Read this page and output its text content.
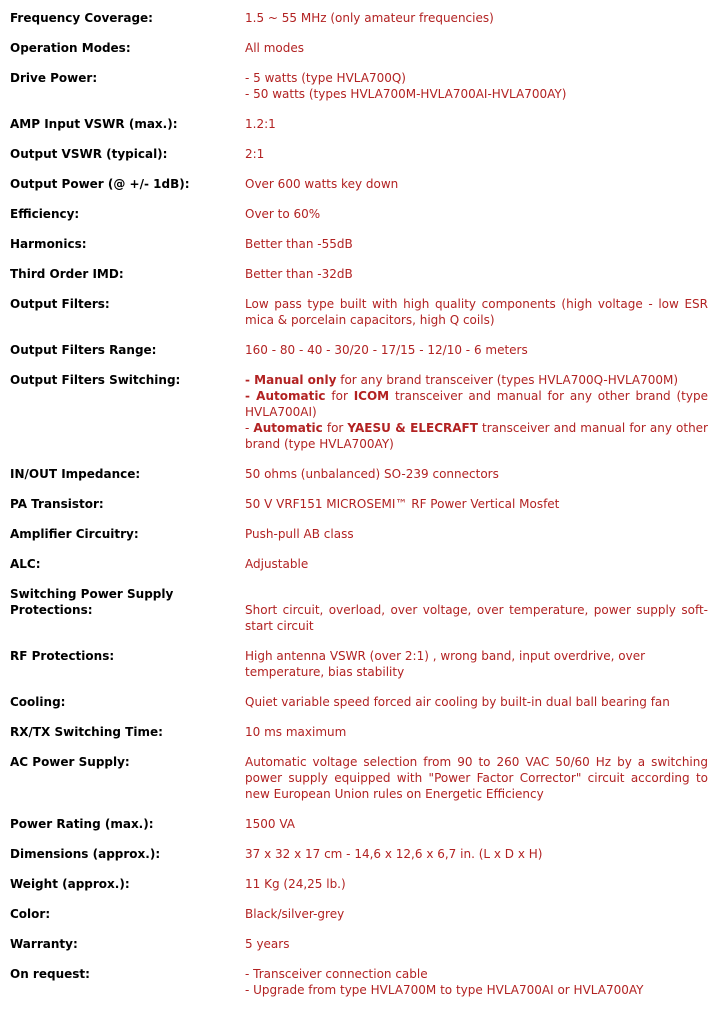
Frequency Coverage:	1.5 ~ 55 MHz (only amateur frequencies)
Operation Modes:	All modes
Drive Power:	- 5 watts (type HVLA700Q)
- 50 watts (types HVLA700M-HVLA700AI-HVLA700AY)
AMP Input VSWR (max.):	1.2:1
Output VSWR (typical):	2:1
Output Power (@ +/- 1dB):	Over 600 watts key down
Efficiency:	Over to 60%
Harmonics:	Better than -55dB
Third Order IMD:	Better than -32dB
Output Filters:	Low pass type built with high quality components (high voltage - low ESR mica & porcelain capacitors, high Q coils)
Output Filters Range:	160 - 80 - 40 - 30/20 - 17/15 - 12/10 - 6 meters
Output Filters Switching:	- Manual only for any brand transceiver (types HVLA700Q-HVLA700M)
- Automatic for ICOM transceiver and manual for any other brand (type HVLA700AI)
- Automatic for YAESU & ELECRAFT transceiver and manual for any other brand (type HVLA700AY)
IN/OUT Impedance:	50 ohms (unbalanced) SO-239 connectors
PA Transistor:	50 V VRF151 MICROSEMI™ RF Power Vertical Mosfet
Amplifier Circuitry:	Push-pull AB class
ALC:	Adjustable
Switching Power Supply
Protections:	Short circuit, overload, over voltage, over temperature, power supply soft-start circuit
RF Protections:	High antenna VSWR (over 2:1) , wrong band, input overdrive, over temperature, bias stability
Cooling:	Quiet variable speed forced air cooling by built-in dual ball bearing fan
RX/TX Switching Time:	10 ms maximum
AC Power Supply:	Automatic voltage selection from 90 to 260 VAC 50/60 Hz by a switching power supply equipped with "Power Factor Corrector" circuit according to new European Union rules on Energetic Efficiency
Power Rating (max.):	1500 VA
Dimensions (approx.):	37 x 32 x 17 cm - 14,6 x 12,6 x 6,7 in. (L x D x H)
Weight (approx.):	11 Kg (24,25 lb.)
Color:	Black/silver-grey
Warranty:	5 years
On request:	- Transceiver connection cable
- Upgrade from type HVLA700M to type HVLA700AI or HVLA700AY
